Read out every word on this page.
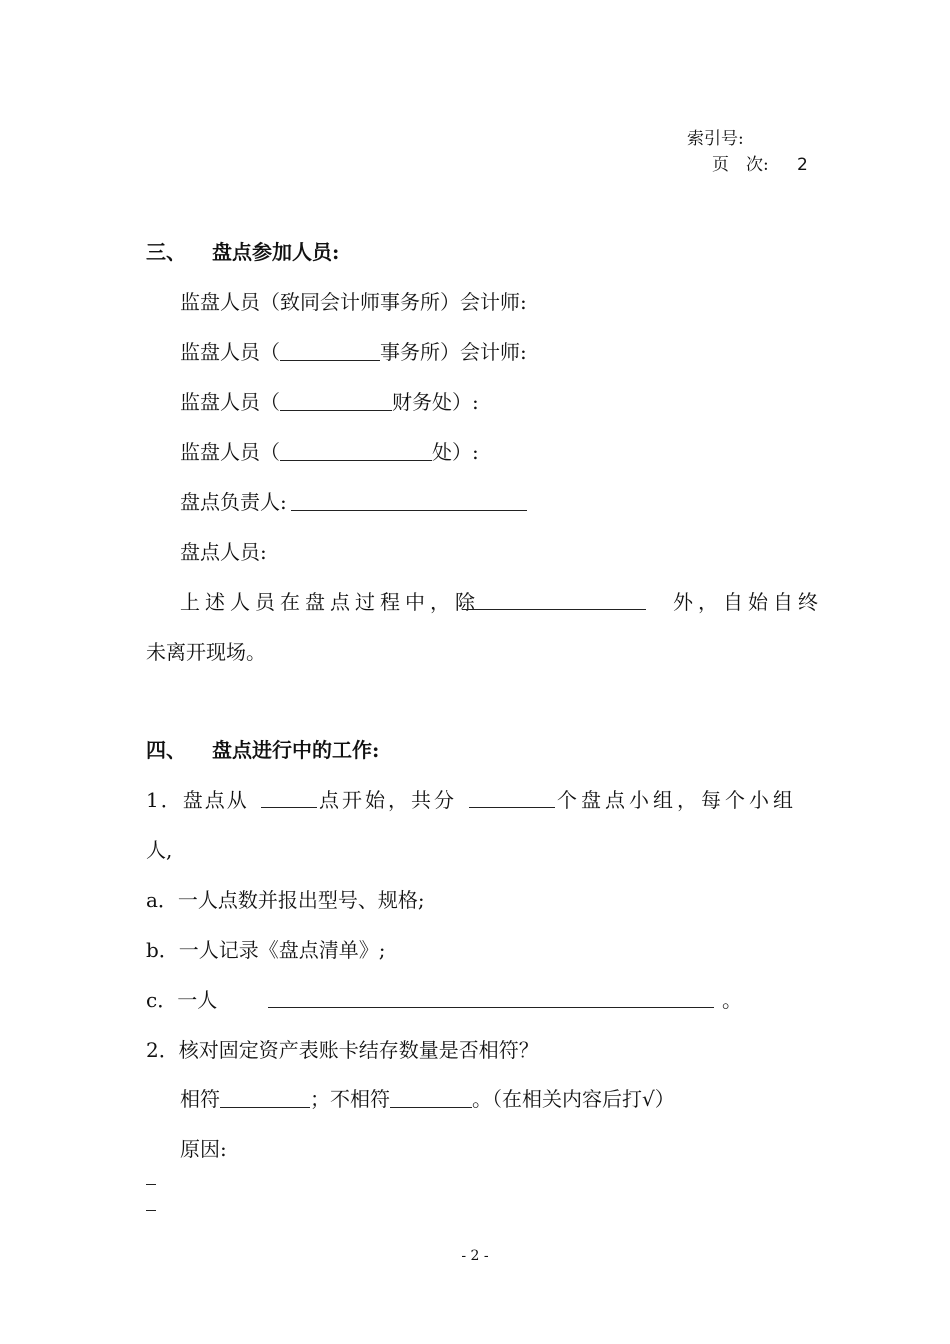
索引号:
页　次: 2
三、 盘点参加人员:
监盘人员（致同会计师事务所）会计师:
监盘人员（	事务所）会计师:
监盘人员（	财务处）:
监盘人员（	处）:
盘点负责人:
盘点人员:
上述人员在盘点过程中，除	外，自始自终
未离开现场。
四、 盘点进行中的工作:
1．盘点从	点开始，共分	个盘点小组，每个小组
人,
a．一人点数并报出型号、规格;
b．一人记录《盘点清单》;
c．一人	。
2．核对固定资产表账卡结存数量是否相符？
相符	；不相符	。（在相关内容后打√）
原因:
- 2 -
